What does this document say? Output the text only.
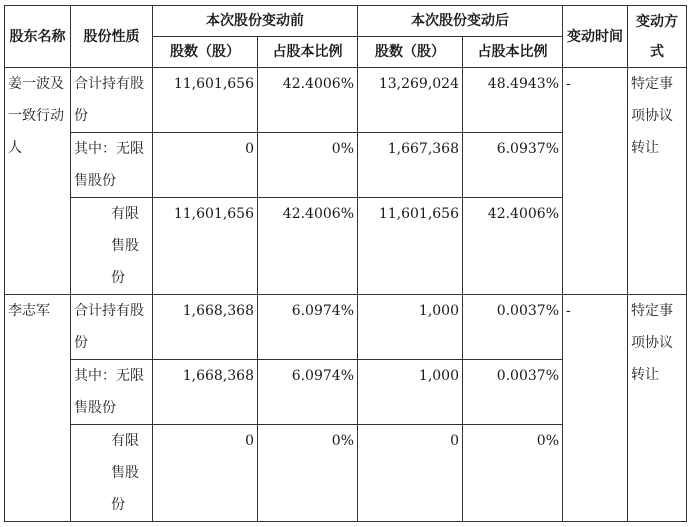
股东名称	股份性质	本次股份变动前		本次股份变动后		变动时间	变动方式
		股数（股）	占股本比例	股数（股）	占股本比例		
姜一波及一致行动人	合计持有股份	11,601,656	42.4006%	13,269,024	48.4943%	-	特定事项协议转让
	其中：无限售股份	0	0%	1,667,368	6.0937%		
	有限售股份	11,601,656	42.4006%	11,601,656	42.4006%		
李志军	合计持有股份	1,668,368	6.0974%	1,000	0.0037%	-	特定事项协议转让
	其中：无限售股份	1,668,368	6.0974%	1,000	0.0037%		
	有限售股份	0	0%	0	0%		
